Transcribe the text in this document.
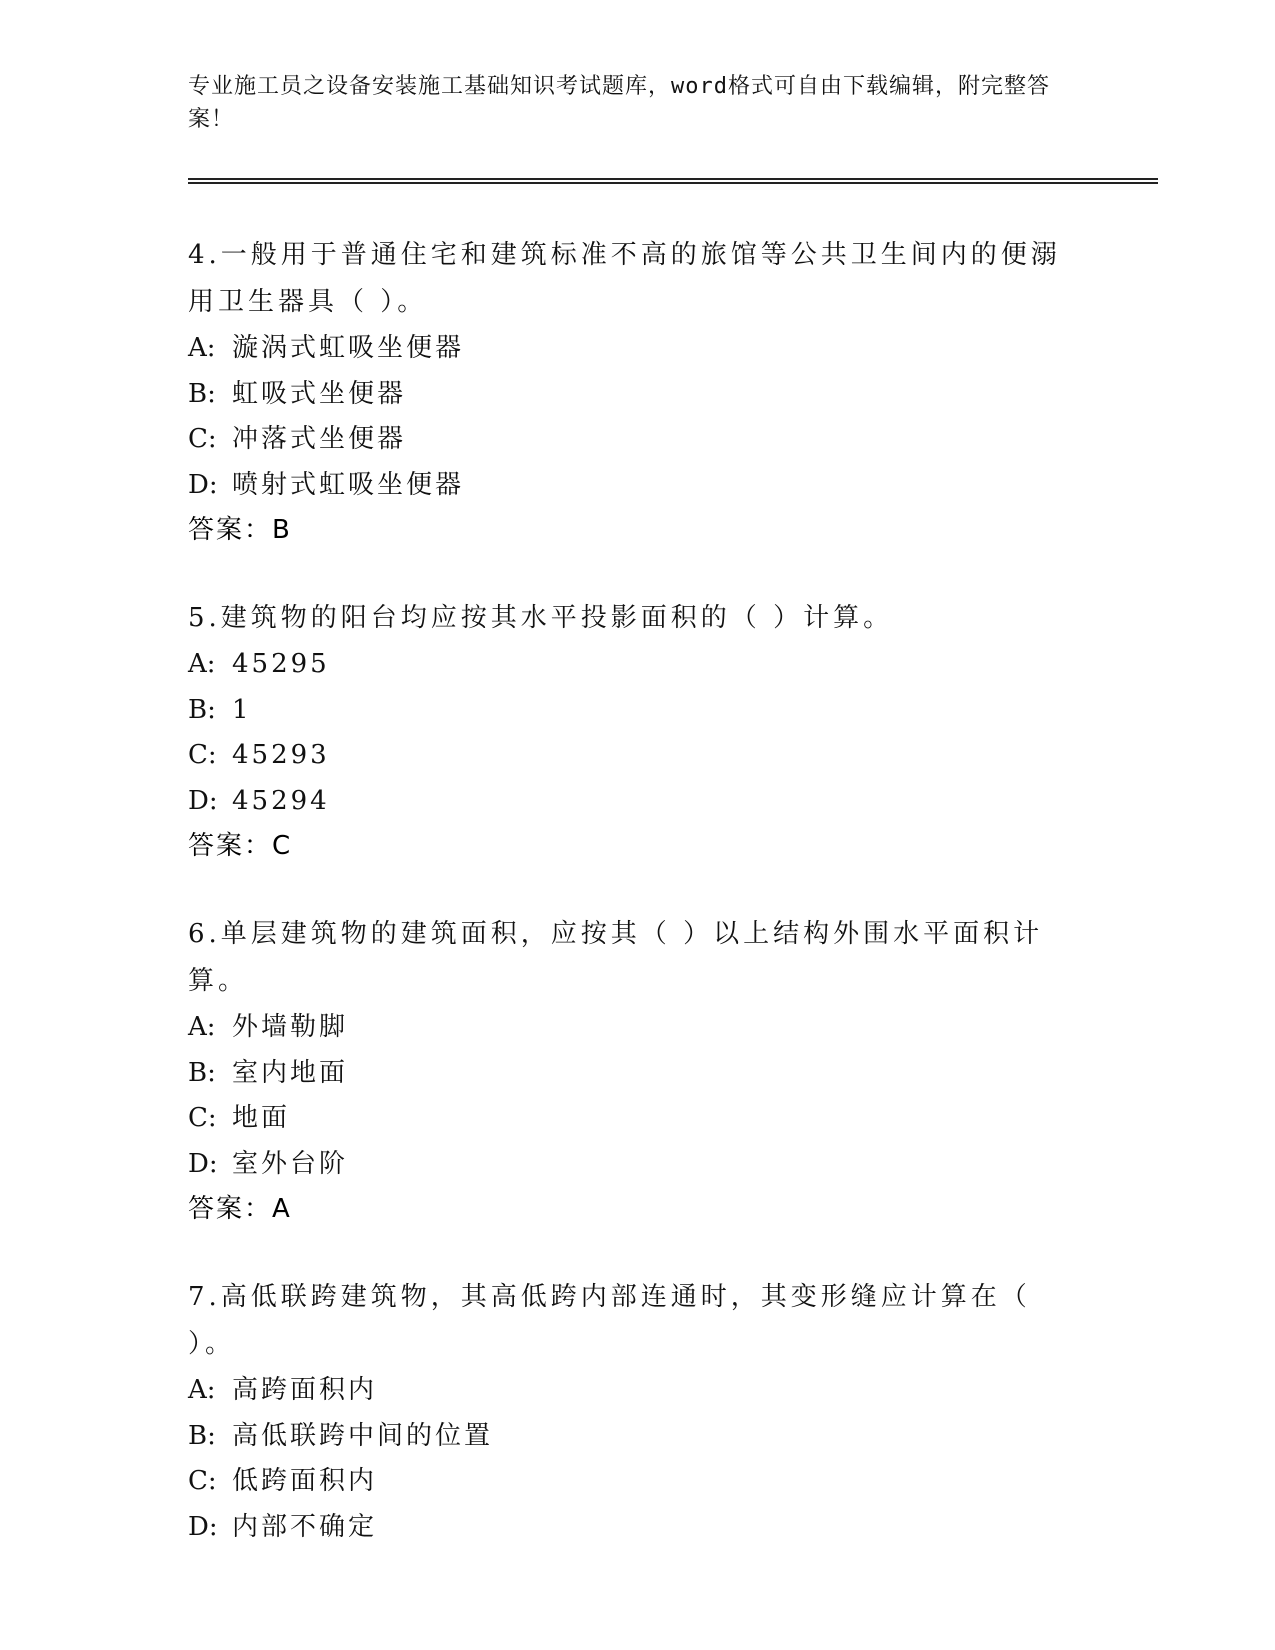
专业施工员之设备安装施工基础知识考试题库，word格式可自由下载编辑，附完整答案！

4.一般用于普通住宅和建筑标准不高的旅馆等公共卫生间内的便溺用卫生器具（ ）。

A: 漩涡式虹吸坐便器

B: 虹吸式坐便器

C: 冲落式坐便器

D: 喷射式虹吸坐便器

答案：B

5.建筑物的阳台均应按其水平投影面积的（ ）计算。

A: 45295

B: 1

C: 45293

D: 45294

答案：C

6.单层建筑物的建筑面积，应按其（ ）以上结构外围水平面积计算。

A: 外墙勒脚

B: 室内地面

C: 地面

D: 室外台阶

答案：A

7.高低联跨建筑物，其高低跨内部连通时，其变形缝应计算在（ ）。

A: 高跨面积内

B: 高低联跨中间的位置

C: 低跨面积内

D: 内部不确定
